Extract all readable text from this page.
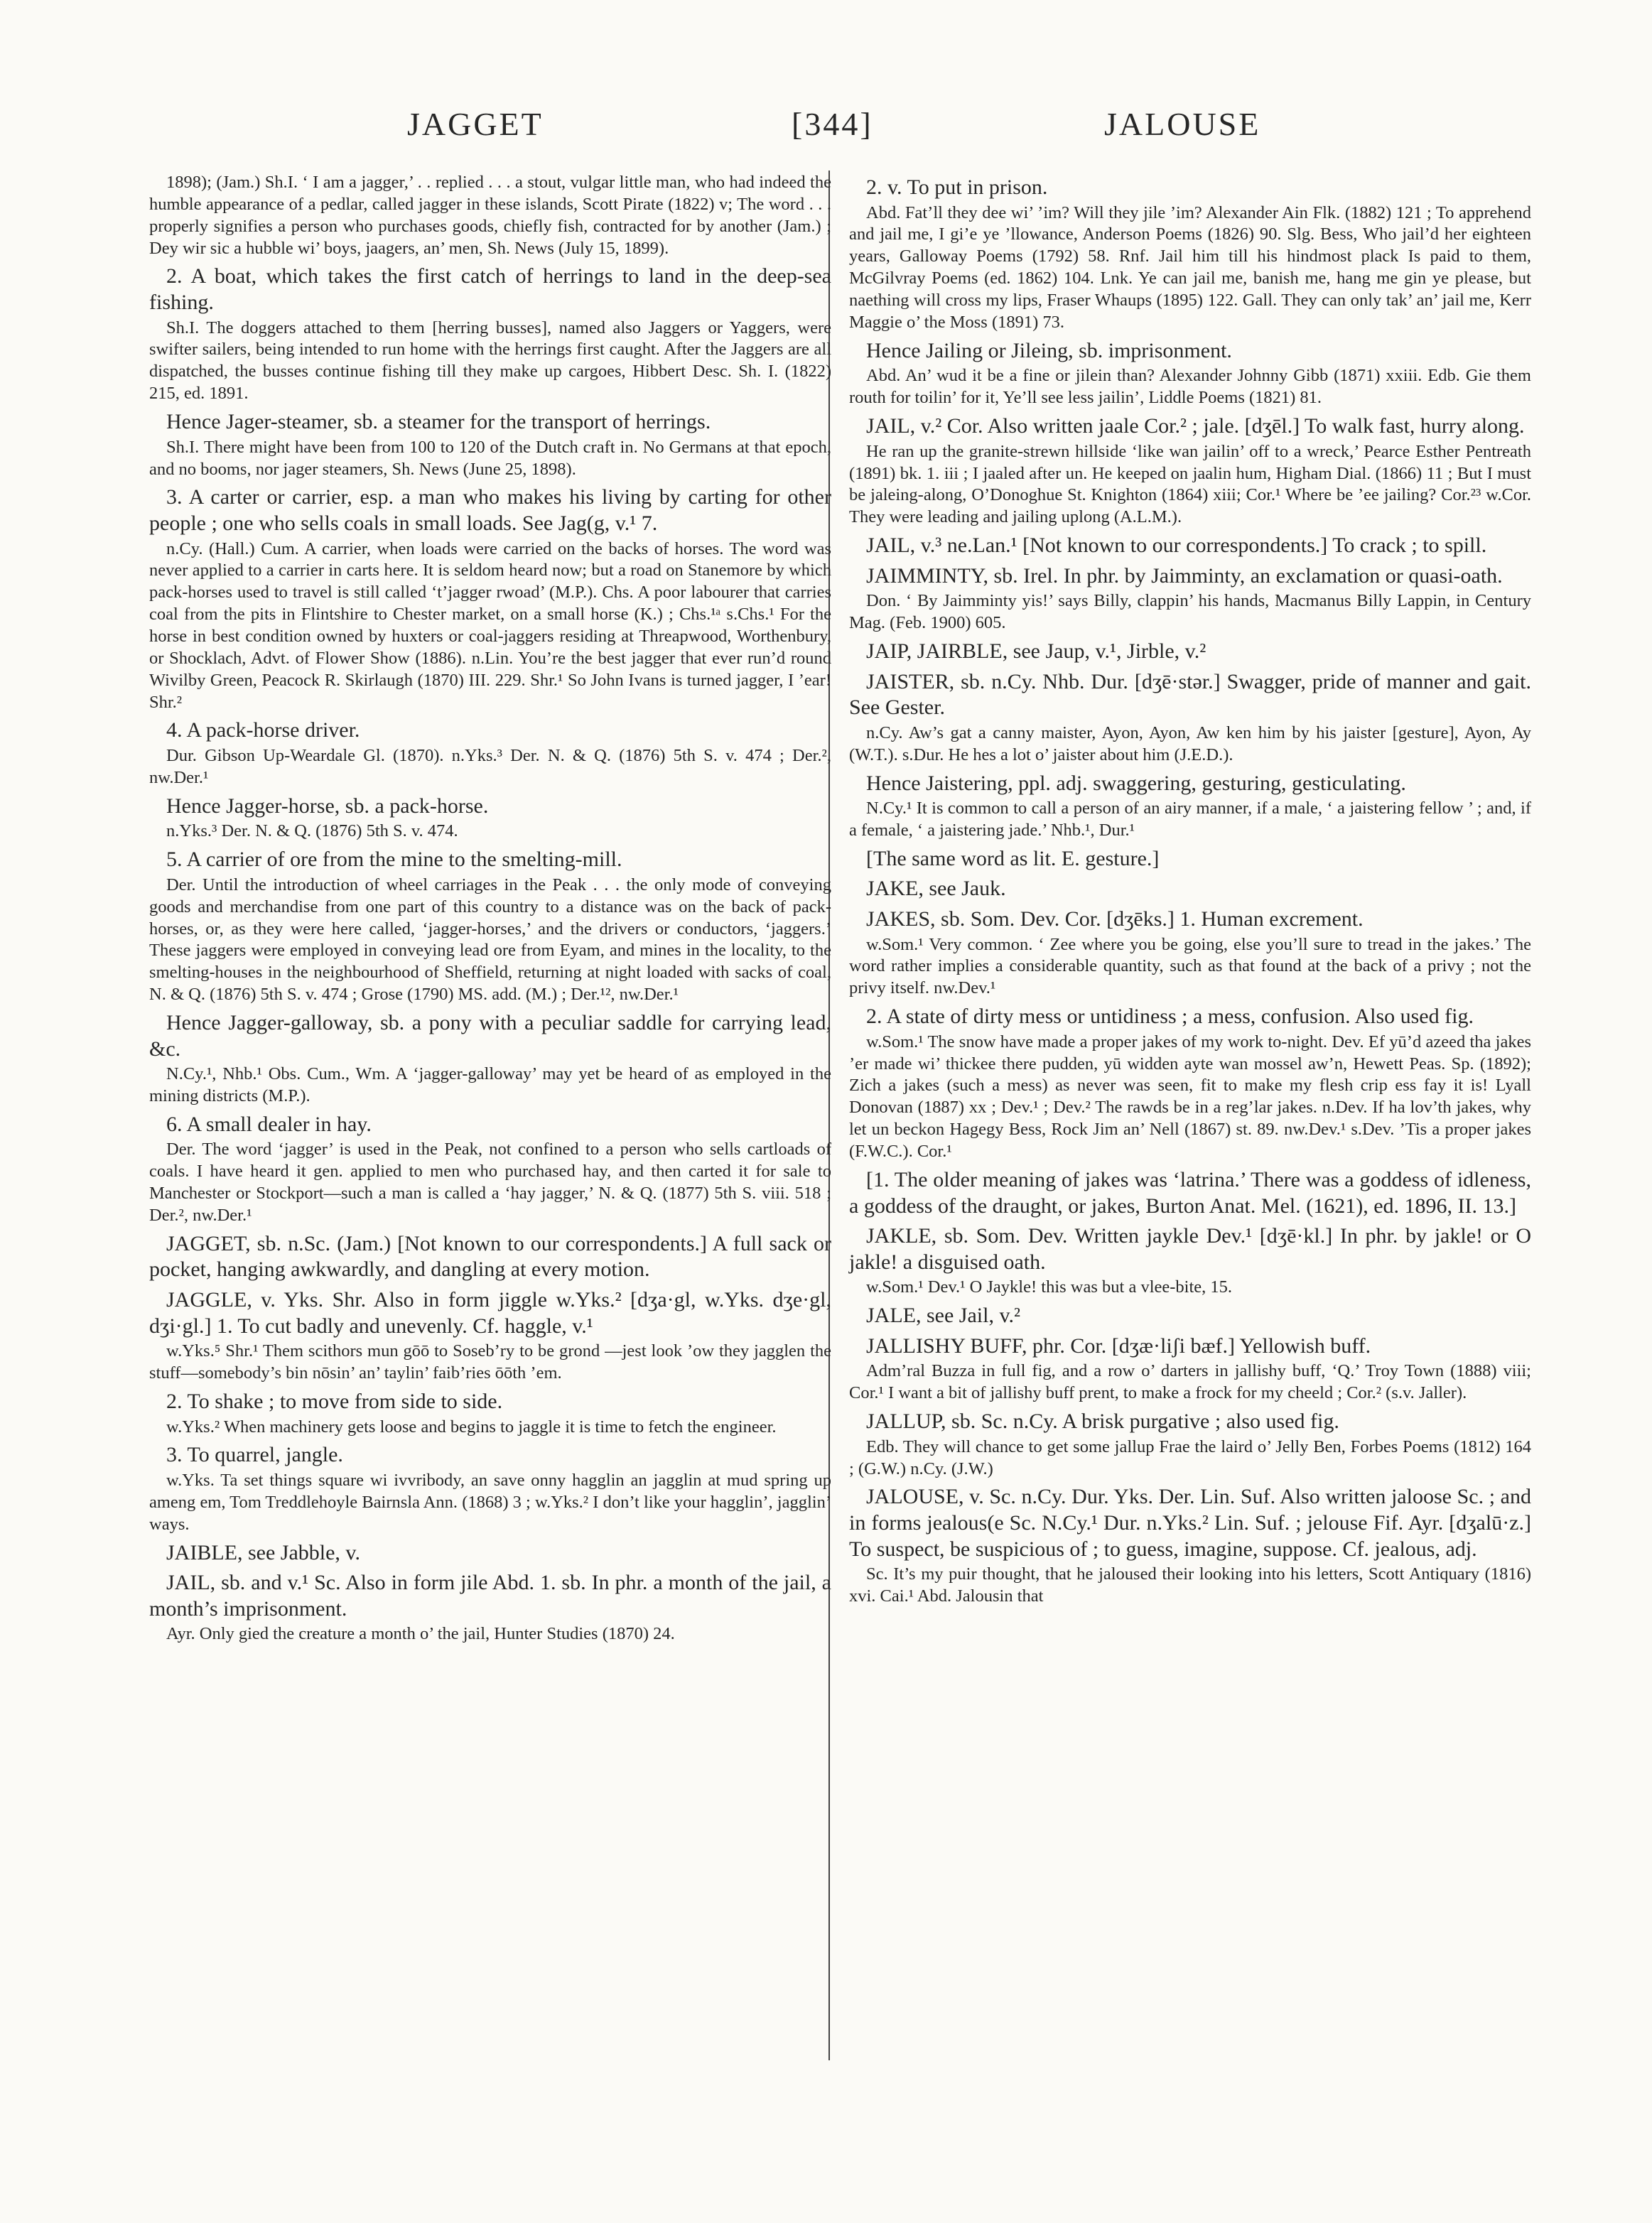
JAGGET	[344]	JALOUSE

1898); (Jam.) Sh.I. ‘ I am a jagger,’ . . replied . . . a stout, vulgar little man, who had indeed the humble appearance of a pedlar, called jagger in these islands, Scott Pirate (1822) v; The word . . . properly signifies a person who purchases goods, chiefly fish, contracted for by another (Jam.) ; Dey wir sic a hubble wi’ boys, jaagers, an’ men, Sh. News (July 15, 1899).

2. A boat, which takes the first catch of herrings to land in the deep-sea fishing.

Sh.I. The doggers attached to them [herring busses], named also Jaggers or Yaggers, were swifter sailers, being intended to run home with the herrings first caught. After the Jaggers are all dispatched, the busses continue fishing till they make up cargoes, Hibbert Desc. Sh. I. (1822) 215, ed. 1891.

Hence Jager-steamer, sb. a steamer for the transport of herrings.

Sh.I. There might have been from 100 to 120 of the Dutch craft in. No Germans at that epoch, and no booms, nor jager steamers, Sh. News (June 25, 1898).

3. A carter or carrier, esp. a man who makes his living by carting for other people ; one who sells coals in small loads. See Jag(g, v.¹ 7.

n.Cy. (Hall.) Cum. A carrier, when loads were carried on the backs of horses. The word was never applied to a carrier in carts here. It is seldom heard now; but a road on Stanemore by which pack-horses used to travel is still called ‘t’jagger rwoad’ (M.P.). Chs. A poor labourer that carries coal from the pits in Flintshire to Chester market, on a small horse (K.) ; Chs.¹ᵃ s.Chs.¹ For the horse in best condition owned by huxters or coal-jaggers residing at Threapwood, Worthenbury, or Shocklach, Advt. of Flower Show (1886). n.Lin. You’re the best jagger that ever run’d round Wivilby Green, Peacock R. Skirlaugh (1870) III. 229. Shr.¹ So John Ivans is turned jagger, I ’ear! Shr.²

4. A pack-horse driver.

Dur. Gibson Up-Weardale Gl. (1870). n.Yks.³ Der. N. & Q. (1876) 5th S. v. 474 ; Der.², nw.Der.¹

Hence Jagger-horse, sb. a pack-horse.

n.Yks.³ Der. N. & Q. (1876) 5th S. v. 474.

5. A carrier of ore from the mine to the smelting-mill.

Der. Until the introduction of wheel carriages in the Peak . . . the only mode of conveying goods and merchandise from one part of this country to a distance was on the back of pack-horses, or, as they were here called, ‘jagger-horses,’ and the drivers or conductors, ‘jaggers.’ These jaggers were employed in conveying lead ore from Eyam, and mines in the locality, to the smelting-houses in the neighbourhood of Sheffield, returning at night loaded with sacks of coal, N. & Q. (1876) 5th S. v. 474 ; Grose (1790) MS. add. (M.) ; Der.¹², nw.Der.¹

Hence Jagger-galloway, sb. a pony with a peculiar saddle for carrying lead, &c.

N.Cy.¹, Nhb.¹ Obs. Cum., Wm. A ‘jagger-galloway’ may yet be heard of as employed in the mining districts (M.P.).

6. A small dealer in hay.

Der. The word ‘jagger’ is used in the Peak, not confined to a person who sells cartloads of coals. I have heard it gen. applied to men who purchased hay, and then carted it for sale to Manchester or Stockport—such a man is called a ‘hay jagger,’ N. & Q. (1877) 5th S. viii. 518 ; Der.², nw.Der.¹

JAGGET, sb. n.Sc. (Jam.) [Not known to our correspondents.] A full sack or pocket, hanging awkwardly, and dangling at every motion.

JAGGLE, v. Yks. Shr. Also in form jiggle w.Yks.² [dʒa·gl, w.Yks. dʒe·gl, dʒi·gl.] 1. To cut badly and unevenly. Cf. haggle, v.¹

w.Yks.⁵ Shr.¹ Them scithors mun gōō to Soseb’ry to be grond —jest look ’ow they jagglen the stuff—somebody’s bin nōsin’ an’ taylin’ faib’ries ōōth ’em.

2. To shake ; to move from side to side.

w.Yks.² When machinery gets loose and begins to jaggle it is time to fetch the engineer.

3. To quarrel, jangle.

w.Yks. Ta set things square wi ivvribody, an save onny hagglin an jagglin at mud spring up ameng em, Tom Treddlehoyle Bairnsla Ann. (1868) 3 ; w.Yks.² I don’t like your hagglin’, jagglin’ ways.

JAIBLE, see Jabble, v.

JAIL, sb. and v.¹ Sc. Also in form jile Abd. 1. sb. In phr. a month of the jail, a month’s imprisonment.

Ayr. Only gied the creature a month o’ the jail, Hunter Studies (1870) 24.

2. v. To put in prison.

Abd. Fat’ll they dee wi’ ’im? Will they jile ’im? Alexander Ain Flk. (1882) 121 ; To apprehend and jail me, I gi’e ye ’llowance, Anderson Poems (1826) 90. Slg. Bess, Who jail’d her eighteen years, Galloway Poems (1792) 58. Rnf. Jail him till his hindmost plack Is paid to them, McGilvray Poems (ed. 1862) 104. Lnk. Ye can jail me, banish me, hang me gin ye please, but naething will cross my lips, Fraser Whaups (1895) 122. Gall. They can only tak’ an’ jail me, Kerr Maggie o’ the Moss (1891) 73.

Hence Jailing or Jileing, sb. imprisonment.

Abd. An’ wud it be a fine or jilein than? Alexander Johnny Gibb (1871) xxiii. Edb. Gie them routh for toilin’ for it, Ye’ll see less jailin’, Liddle Poems (1821) 81.

JAIL, v.² Cor. Also written jaale Cor.² ; jale. [dʒēl.] To walk fast, hurry along.

He ran up the granite-strewn hillside ‘like wan jailin’ off to a wreck,’ Pearce Esther Pentreath (1891) bk. 1. iii ; I jaaled after un. He keeped on jaalin hum, Higham Dial. (1866) 11 ; But I must be jaleing-along, O’Donoghue St. Knighton (1864) xiii; Cor.¹ Where be ’ee jailing? Cor.²³ w.Cor. They were leading and jailing uplong (A.L.M.).

JAIL, v.³ ne.Lan.¹ [Not known to our correspondents.] To crack ; to spill.

JAIMMINTY, sb. Irel. In phr. by Jaimminty, an exclamation or quasi-oath.

Don. ‘ By Jaimminty yis!’ says Billy, clappin’ his hands, Macmanus Billy Lappin, in Century Mag. (Feb. 1900) 605.

JAIP, JAIRBLE, see Jaup, v.¹, Jirble, v.²

JAISTER, sb. n.Cy. Nhb. Dur. [dʒē·stər.] Swagger, pride of manner and gait. See Gester.

n.Cy. Aw’s gat a canny maister, Ayon, Ayon, Aw ken him by his jaister [gesture], Ayon, Ay (W.T.). s.Dur. He hes a lot o’ jaister about him (J.E.D.).

Hence Jaistering, ppl. adj. swaggering, gesturing, gesticulating.

N.Cy.¹ It is common to call a person of an airy manner, if a male, ‘ a jaistering fellow ’ ; and, if a female, ‘ a jaistering jade.’ Nhb.¹, Dur.¹

[The same word as lit. E. gesture.]

JAKE, see Jauk.

JAKES, sb. Som. Dev. Cor. [dʒēks.] 1. Human excrement.

w.Som.¹ Very common. ‘ Zee where you be going, else you’ll sure to tread in the jakes.’ The word rather implies a considerable quantity, such as that found at the back of a privy ; not the privy itself. nw.Dev.¹

2. A state of dirty mess or untidiness ; a mess, confusion. Also used fig.

w.Som.¹ The snow have made a proper jakes of my work to-night. Dev. Ef yū’d azeed tha jakes ’er made wi’ thickee there pudden, yū widden ayte wan mossel aw’n, Hewett Peas. Sp. (1892); Zich a jakes (such a mess) as never was seen, fit to make my flesh crip ess fay it is! Lyall Donovan (1887) xx ; Dev.¹ ; Dev.² The rawds be in a reg’lar jakes. n.Dev. If ha lov’th jakes, why let un beckon Hagegy Bess, Rock Jim an’ Nell (1867) st. 89. nw.Dev.¹ s.Dev. ’Tis a proper jakes (F.W.C.). Cor.¹

[1. The older meaning of jakes was ‘latrina.’ There was a goddess of idleness, a goddess of the draught, or jakes, Burton Anat. Mel. (1621), ed. 1896, II. 13.]

JAKLE, sb. Som. Dev. Written jaykle Dev.¹ [dʒē·kl.] In phr. by jakle! or O jakle! a disguised oath.

w.Som.¹ Dev.¹ O Jaykle! this was but a vlee-bite, 15.

JALE, see Jail, v.²

JALLISHY BUFF, phr. Cor. [dʒæ·liʃi bæf.] Yellowish buff.

Adm’ral Buzza in full fig, and a row o’ darters in jallishy buff, ‘Q.’ Troy Town (1888) viii; Cor.¹ I want a bit of jallishy buff prent, to make a frock for my cheeld ; Cor.² (s.v. Jaller).

JALLUP, sb. Sc. n.Cy. A brisk purgative ; also used fig.

Edb. They will chance to get some jallup Frae the laird o’ Jelly Ben, Forbes Poems (1812) 164 ; (G.W.) n.Cy. (J.W.)

JALOUSE, v. Sc. n.Cy. Dur. Yks. Der. Lin. Suf. Also written jaloose Sc. ; and in forms jealous(e Sc. N.Cy.¹ Dur. n.Yks.² Lin. Suf. ; jelouse Fif. Ayr. [dʒalū·z.] To suspect, be suspicious of ; to guess, imagine, suppose. Cf. jealous, adj.

Sc. It’s my puir thought, that he jaloused their looking into his letters, Scott Antiquary (1816) xvi. Cai.¹ Abd. Jalousin that
